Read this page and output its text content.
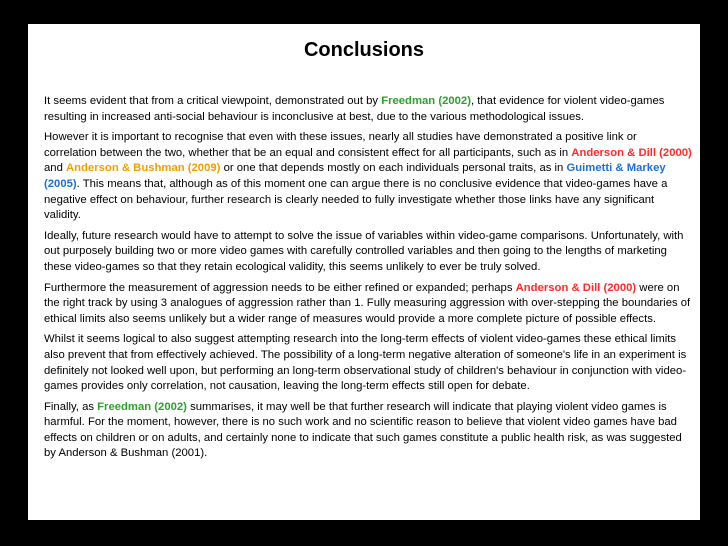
Conclusions

It seems evident that from a critical viewpoint, demonstrated out by Freedman (2002), that evidence for violent video-games resulting in increased anti-social behaviour is inconclusive at best, due to the various methodological issues.

However it is important to recognise that even with these issues, nearly all studies have demonstrated a positive link or correlation between the two, whether that be an equal and consistent effect for all participants, such as in Anderson & Dill (2000) and Anderson & Bushman (2009) or one that depends mostly on each individuals personal traits, as in Guimetti & Markey (2005). This means that, although as of this moment one can argue there is no conclusive evidence that video-games have a negative effect on behaviour, further research is clearly needed to fully investigate whether those links have any significant validity.

Ideally, future research would have to attempt to solve the issue of variables within video-game comparisons. Unfortunately, with out purposely building two or more video games with carefully controlled variables and then going to the lengths of marketing these video-games so that they retain ecological validity, this seems unlikely to ever be truly solved.

Furthermore the measurement of aggression needs to be either refined or expanded; perhaps Anderson & Dill (2000) were on the right track by using 3 analogues of aggression rather than 1. Fully measuring aggression with over-stepping the boundaries of ethical limits also seems unlikely but a wider range of measures would provide a more complete picture of possible effects.

Whilst it seems logical to also suggest attempting research into the long-term effects of violent video-games these ethical limits also prevent that from effectively achieved. The possibility of a long-term negative alteration of someone's life in an experiment is definitely not looked well upon, but performing an long-term observational study of children's behaviour in conjunction with video-games provides only correlation, not causation, leaving the long-term effects still open for debate.

Finally, as Freedman (2002) summarises, it may well be that further research will indicate that playing violent video games is harmful. For the moment, however, there is no such work and no scientific reason to believe that violent video games have bad effects on children or on adults, and certainly none to indicate that such games constitute a public health risk, as was suggested by Anderson & Bushman (2001).
